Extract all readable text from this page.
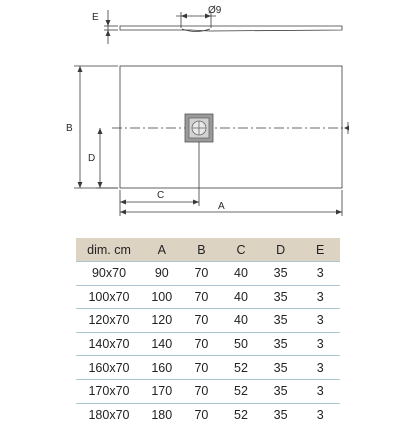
E
Ø9
B
D
C
A
dim. cm	A	B	C	D	E
90x70	90	70	40	35	3
100x70	100	70	40	35	3
120x70	120	70	40	35	3
140x70	140	70	50	35	3
160x70	160	70	52	35	3
170x70	170	70	52	35	3
180x70	180	70	52	35	3
